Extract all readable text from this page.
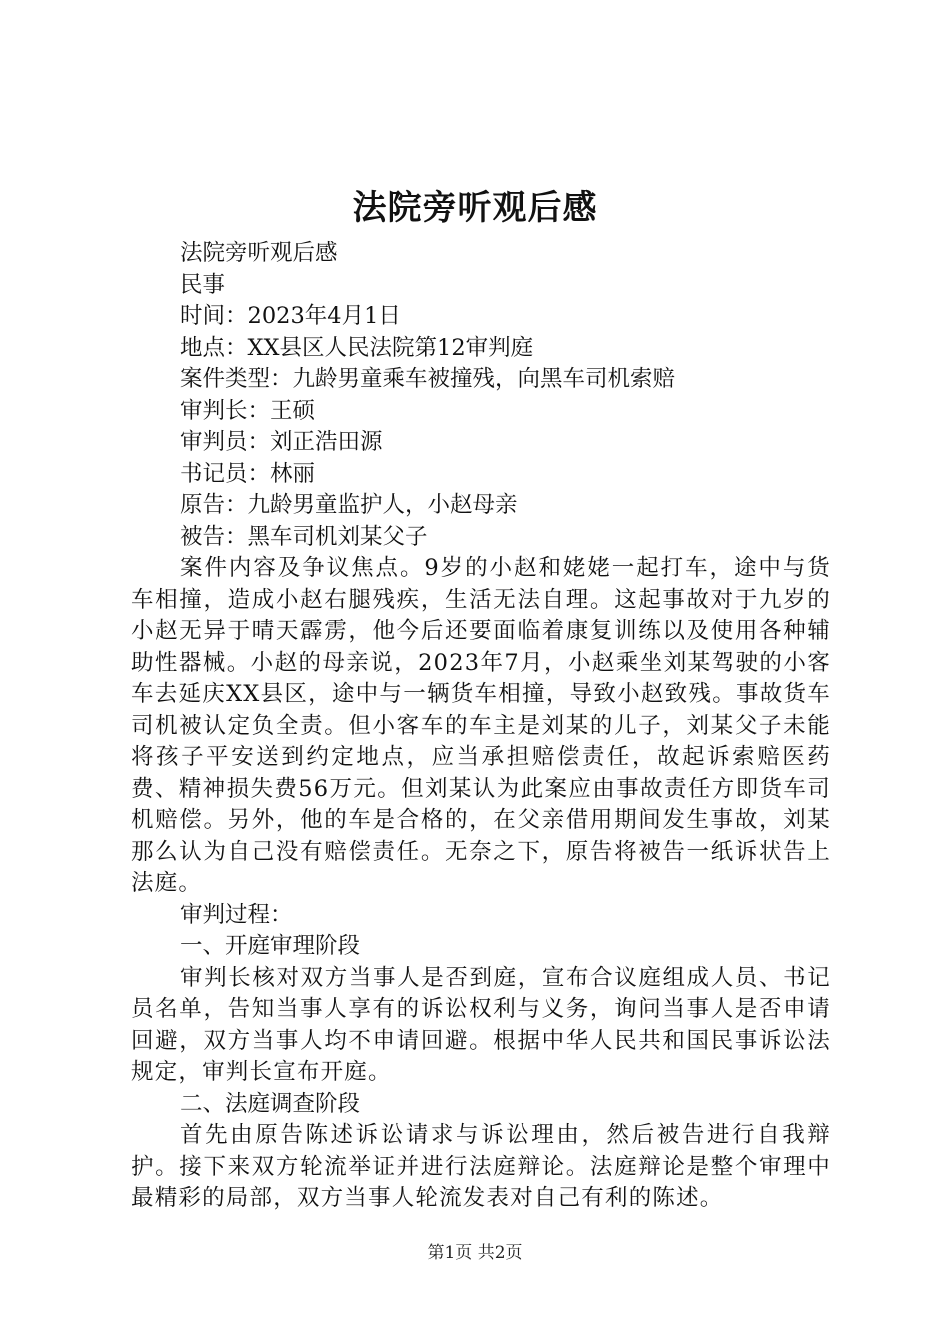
法院旁听观后感
法院旁听观后感
民事
时间：2023年4月1日
地点：XX县区人民法院第12审判庭
案件类型：九龄男童乘车被撞残，向黑车司机索赔
审判长：王硕
审判员：刘正浩田源
书记员：林丽
原告：九龄男童监护人，小赵母亲
被告：黑车司机刘某父子

案件内容及争议焦点。9岁的小赵和姥姥一起打车，途中与货车相撞，造成小赵右腿残疾，生活无法自理。这起事故对于九岁的小赵无异于晴天霹雳，他今后还要面临着康复训练以及使用各种辅助性器械。小赵的母亲说，2023年7月，小赵乘坐刘某驾驶的小客车去延庆XX县区，途中与一辆货车相撞，导致小赵致残。事故货车司机被认定负全责。但小客车的车主是刘某的儿子，刘某父子未能将孩子平安送到约定地点，应当承担赔偿责任，故起诉索赔医药费、精神损失费56万元。但刘某认为此案应由事故责任方即货车司机赔偿。另外，他的车是合格的，在父亲借用期间发生事故，刘某那么认为自己没有赔偿责任。无奈之下，原告将被告一纸诉状告上法庭。

审判过程：
一、开庭审理阶段

审判长核对双方当事人是否到庭，宣布合议庭组成人员、书记员名单，告知当事人享有的诉讼权利与义务，询问当事人是否申请回避，双方当事人均不申请回避。根据中华人民共和国民事诉讼法规定，审判长宣布开庭。

二、法庭调查阶段

首先由原告陈述诉讼请求与诉讼理由，然后被告进行自我辩护。接下来双方轮流举证并进行法庭辩论。法庭辩论是整个审理中最精彩的局部，双方当事人轮流发表对自己有利的陈述。

第1页 共2页
